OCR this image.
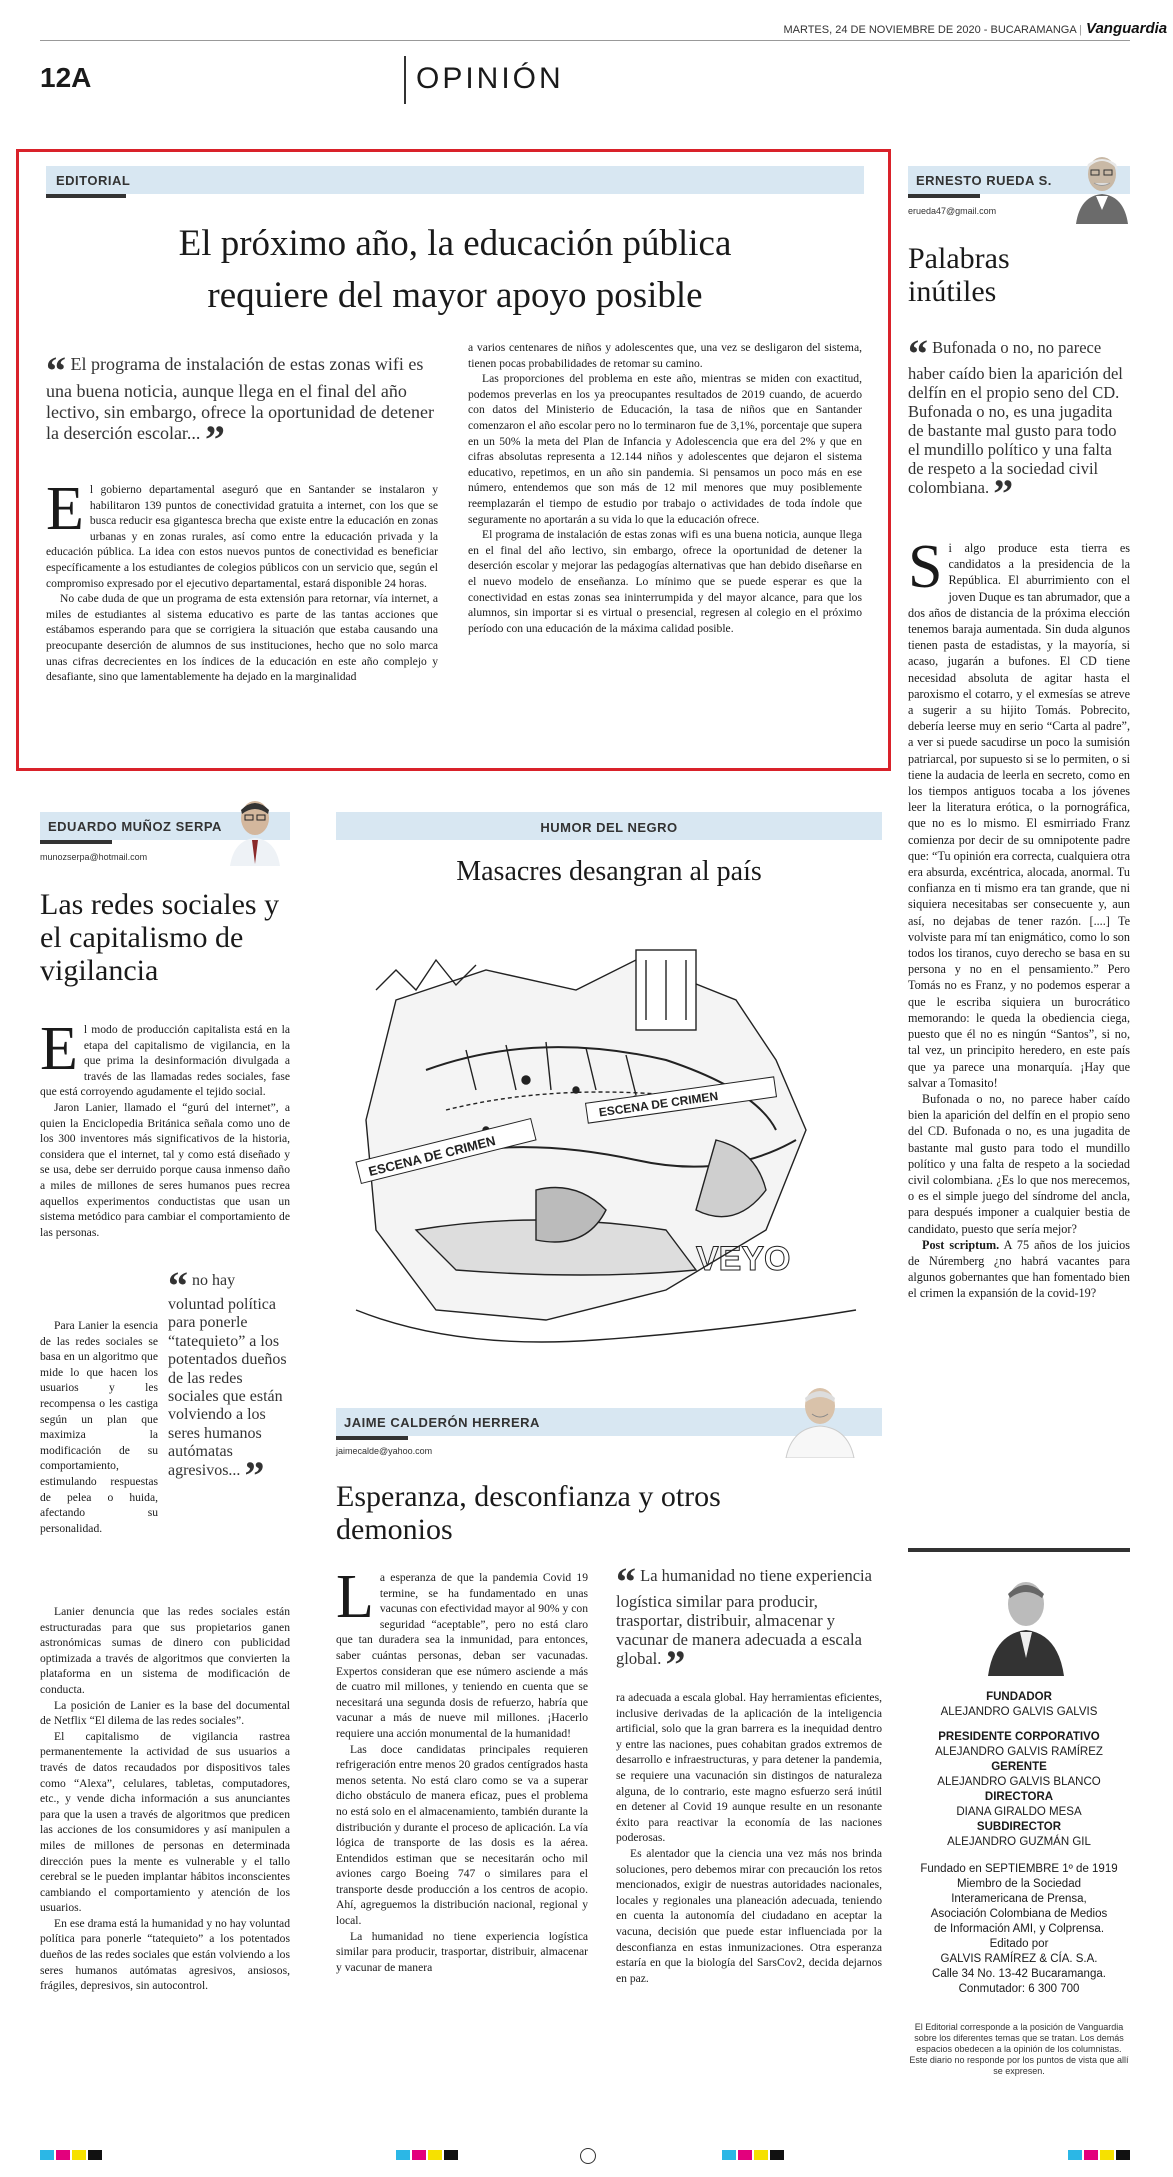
MARTES, 24 DE NOVIEMBRE DE 2020 - BUCARAMANGA | Vanguardia
12A	OPINIÓN
EDITORIAL
El próximo año, la educación pública requiere del mayor apoyo posible
“ El programa de instalación de estas zonas wifi es una buena noticia, aunque llega en el final del año lectivo, sin embargo, ofrece la oportunidad de detener la deserción escolar... ”
E l gobierno departamental aseguró que en Santander se instalaron y habilitaron 139 puntos de conectividad gratuita a internet, con los que se busca reducir esa gigantesca brecha que existe entre la educación en zonas urbanas y en zonas rurales, así como entre la educación privada y la educación pública. La idea con estos nuevos puntos de conectividad es beneficiar específicamente a los estudiantes de colegios públicos con un servicio que, según el compromiso expresado por el ejecutivo departamental, estará disponible 24 horas.

No cabe duda de que un programa de esta extensión para retornar, vía internet, a miles de estudiantes al sistema educativo es parte de las tantas acciones que estábamos esperando para que se corrigiera la situación que estaba causando una preocupante deserción de alumnos de sus instituciones, hecho que no solo marca unas cifras decrecientes en los índices de la educación en este año complejo y desafiante, sino que lamentablemente ha dejado en la marginalidad

a varios centenares de niños y adolescentes que, una vez se desligaron del sistema, tienen pocas probabilidades de retomar su camino.

Las proporciones del problema en este año, mientras se miden con exactitud, podemos preverlas en los ya preocupantes resultados de 2019 cuando, de acuerdo con datos del Ministerio de Educación, la tasa de niños que en Santander comenzaron el año escolar pero no lo terminaron fue de 3,1%, porcentaje que supera en un 50% la meta del Plan de Infancia y Adolescencia que era del 2% y que en cifras absolutas representa a 12.144 niños y adolescentes que dejaron el sistema educativo, repetimos, en un año sin pandemia. Si pensamos un poco más en ese número, entendemos que son más de 12 mil menores que muy posiblemente reemplazarán el tiempo de estudio por trabajo o actividades de toda índole que seguramente no aportarán a su vida lo que la educación ofrece.

El programa de instalación de estas zonas wifi es una buena noticia, aunque llega en el final del año lectivo, sin embargo, ofrece la oportunidad de detener la deserción escolar y mejorar las pedagogías alternativas que han debido diseñarse en el nuevo modelo de enseñanza. Lo mínimo que se puede esperar es que la conectividad en estas zonas sea ininterrumpida y del mayor alcance, para que los alumnos, sin importar si es virtual o presencial, regresen al colegio en el próximo período con una educación de la máxima calidad posible.

ERNESTO RUEDA S.
erueda47@gmail.com
Palabras inútiles
“ Bufonada o no, no parece haber caído bien la aparición del delfín en el propio seno del CD. Bufonada o no, es una jugadita de bastante mal gusto para todo el mundillo político y una falta de respeto a la sociedad civil colombiana. ”
S i algo produce esta tierra es candidatos a la presidencia de la República. El aburrimiento con el joven Duque es tan abrumador, que a dos años de distancia de la próxima elección tenemos baraja aumentada. Sin duda algunos tienen pasta de estadistas, y la mayoría, si acaso, jugarán a bufones. El CD tiene necesidad absoluta de agitar hasta el paroxismo el cotarro, y el exmesías se atreve a sugerir a su hijito Tomás. Pobrecito, debería leerse muy en serio “Carta al padre”, a ver si puede sacudirse un poco la sumisión patriarcal, por supuesto si se lo permiten, o si tiene la audacia de leerla en secreto, como en los tiempos antiguos tocaba a los jóvenes leer la literatura erótica, o la pornográfica, que no es lo mismo. El esmirriado Franz comienza por decir de su omnipotente padre que: “Tu opinión era correcta, cualquiera otra era absurda, excéntrica, alocada, anormal. Tu confianza en ti mismo era tan grande, que ni siquiera necesitabas ser consecuente y, aun así, no dejabas de tener razón. [....] Te volviste para mí tan enigmático, como lo son todos los tiranos, cuyo derecho se basa en su persona y no en el pensamiento.” Pero Tomás no es Franz, y no podemos esperar a que le escriba siquiera un burocrático memorando: le queda la obediencia ciega, puesto que él no es ningún “Santos”, si no, tal vez, un principito heredero, en este país que ya parece una monarquía. ¡Hay que salvar a Tomasito!

Bufonada o no, no parece haber caído bien la aparición del delfín en el propio seno del CD. Bufonada o no, es una jugadita de bastante mal gusto para todo el mundillo político y una falta de respeto a la sociedad civil colombiana. ¿Es lo que nos merecemos, o es el simple juego del síndrome del ancla, para después imponer a cualquier bestia de candidato, puesto que sería mejor?

Post scriptum. A 75 años de los juicios de Núremberg ¿no habrá vacantes para algunos gobernantes que han fomentado bien el crimen la expansión de la covid-19?

EDUARDO MUÑOZ SERPA
munozserpa@hotmail.com
Las redes sociales y el capitalismo de vigilancia
E l modo de producción capitalista está en la etapa del capitalismo de vigilancia, en la que prima la desinformación divulgada a través de las llamadas redes sociales, fase que está corroyendo agudamente el tejido social.

Jaron Lanier, llamado el “gurú del internet”, a quien la Enciclopedia Británica señala como uno de los 300 inventores más significativos de la historia, considera que el internet, tal y como está diseñado y se usa, debe ser derruido porque causa inmenso daño a miles de millones de seres humanos pues recrea aquellos experimentos conductistas que usan un sistema metódico para cambiar el comportamiento de las personas.

Para Lanier la esencia de las redes sociales se basa en un algoritmo que mide lo que hacen los usuarios y les recompensa o les castiga según un plan que maximiza la modificación de su comportamiento, estimulando respuestas de pelea o huida, afectando su personalidad.

“ no hay voluntad política para ponerle “tatequieto” a los potentados dueños de las redes sociales que están volviendo a los seres humanos autómatas agresivos... ”

Lanier denuncia que las redes sociales están estructuradas para que sus propietarios ganen astronómicas sumas de dinero con publicidad optimizada a través de algoritmos que convierten la plataforma en un sistema de modificación de conducta.

La posición de Lanier es la base del documental de Netflix “El dilema de las redes sociales”.

El capitalismo de vigilancia rastrea permanentemente la actividad de sus usuarios a través de datos recaudados por dispositivos tales como “Alexa”, celulares, tabletas, computadores, etc., y vende dicha información a sus anunciantes para que la usen a través de algoritmos que predicen las acciones de los consumidores y así manipulen a miles de millones de personas en determinada dirección pues la mente es vulnerable y el tallo cerebral se le pueden implantar hábitos inconscientes cambiando el comportamiento y atención de los usuarios.

En ese drama está la humanidad y no hay voluntad política para ponerle “tatequieto” a los potentados dueños de las redes sociales que están volviendo a los seres humanos autómatas agresivos, ansiosos, frágiles, depresivos, sin autocontrol.

$_{HUMOR DEL NEGRO}$
Masacres desangran al país
ESCENA DE CRIMEN
ESCENA DE CRIMEN
VEYO
JAIME CALDERÓN HERRERA
jaimecalde@yahoo.com
Esperanza, desconfianza y otros demonios
L a esperanza de que la pandemia Covid 19 termine, se ha fundamentado en unas vacunas con efectividad mayor al 90% y con seguridad “aceptable”, pero no está claro que tan duradera sea la inmunidad, para entonces, saber cuántas personas, deban ser vacunadas. Expertos consideran que ese número asciende a más de cuatro mil millones, y teniendo en cuenta que se necesitará una segunda dosis de refuerzo, habría que vacunar a más de nueve mil millones. ¡Hacerlo requiere una acción monumental de la humanidad!

Las doce candidatas principales requieren refrigeración entre menos 20 grados centígrados hasta menos setenta. No está claro como se va a superar dicho obstáculo de manera eficaz, pues el problema no está solo en el almacenamiento, también durante la distribución y durante el proceso de aplicación. La vía lógica de transporte de las dosis es la aérea. Entendidos estiman que se necesitarán ocho mil aviones cargo Boeing 747 o similares para el transporte desde producción a los centros de acopio. Ahí, agreguemos la distribución nacional, regional y local.

La humanidad no tiene experiencia logística similar para producir, trasportar, distribuir, almacenar y vacunar de manera

“ La humanidad no tiene experiencia logística similar para producir, trasportar, distribuir, almacenar y vacunar de manera adecuada a escala global. ”

ra adecuada a escala global. Hay herramientas eficientes, inclusive derivadas de la aplicación de la inteligencia artificial, solo que la gran barrera es la inequidad dentro y entre las naciones, pues cohabitan grados extremos de desarrollo e infraestructuras, y para detener la pandemia, se requiere una vacunación sin distingos de naturaleza alguna, de lo contrario, este magno esfuerzo será inútil en detener al Covid 19 aunque resulte en un resonante éxito para reactivar la economía de las naciones poderosas.

Es alentador que la ciencia una vez más nos brinda soluciones, pero debemos mirar con precaución los retos mencionados, exigir de nuestras autoridades nacionales, locales y regionales una planeación adecuada, teniendo en cuenta la autonomía del ciudadano en aceptar la vacuna, decisión que puede estar influenciada por la desconfianza en estas inmunizaciones. Otra esperanza estaría en que la biología del SarsCov2, decida dejarnos en paz.

FUNDADOR
ALEJANDRO GALVIS GALVIS
PRESIDENTE CORPORATIVO
ALEJANDRO GALVIS RAMÍREZ
GERENTE
ALEJANDRO GALVIS BLANCO
DIRECTORA
DIANA GIRALDO MESA
SUBDIRECTOR
ALEJANDRO GUZMÁN GIL
Fundado en SEPTIEMBRE 1º de 1919
Miembro de la Sociedad
Interamericana de Prensa,
Asociación Colombiana de Medios
de Información AMI, y Colprensa.
Editado por
GALVIS RAMÍREZ & CÍA. S.A.
Calle 34 No. 13-42 Bucaramanga.
Conmutador: 6 300 700
El Editorial corresponde a la posición de Vanguardia sobre los diferentes temas que se tratan. Los demás espacios obedecen a la opinión de los columnistas. Este diario no responde por los puntos de vista que allí se expresen.
